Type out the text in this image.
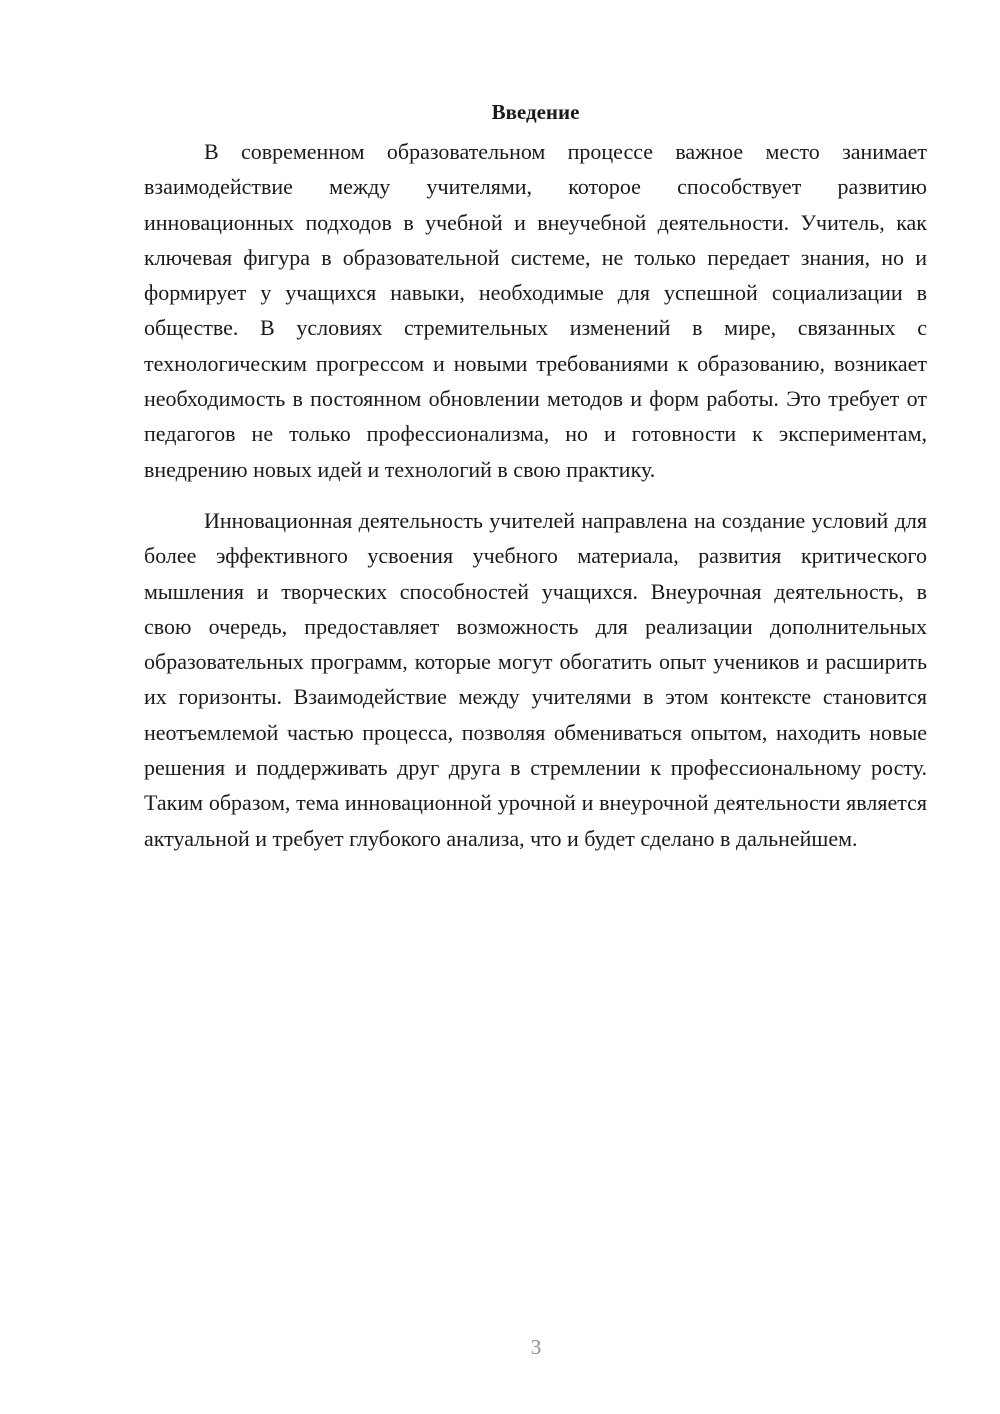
Введение

В современном образовательном процессе важное место занимает взаимодействие между учителями, которое способствует развитию инновационных подходов в учебной и внеучебной деятельности. Учитель, как ключевая фигура в образовательной системе, не только передает знания, но и формирует у учащихся навыки, необходимые для успешной социализации в обществе. В условиях стремительных изменений в мире, связанных с технологическим прогрессом и новыми требованиями к образованию, возникает необходимость в постоянном обновлении методов и форм работы. Это требует от педагогов не только профессионализма, но и готовности к экспериментам, внедрению новых идей и технологий в свою практику.

Инновационная деятельность учителей направлена на создание условий для более эффективного усвоения учебного материала, развития критического мышления и творческих способностей учащихся. Внеурочная деятельность, в свою очередь, предоставляет возможность для реализации дополнительных образовательных программ, которые могут обогатить опыт учеников и расширить их горизонты. Взаимодействие между учителями в этом контексте становится неотъемлемой частью процесса, позволяя обмениваться опытом, находить новые решения и поддерживать друг друга в стремлении к профессиональному росту. Таким образом, тема инновационной урочной и внеурочной деятельности является актуальной и требует глубокого анализа, что и будет сделано в дальнейшем.

3
